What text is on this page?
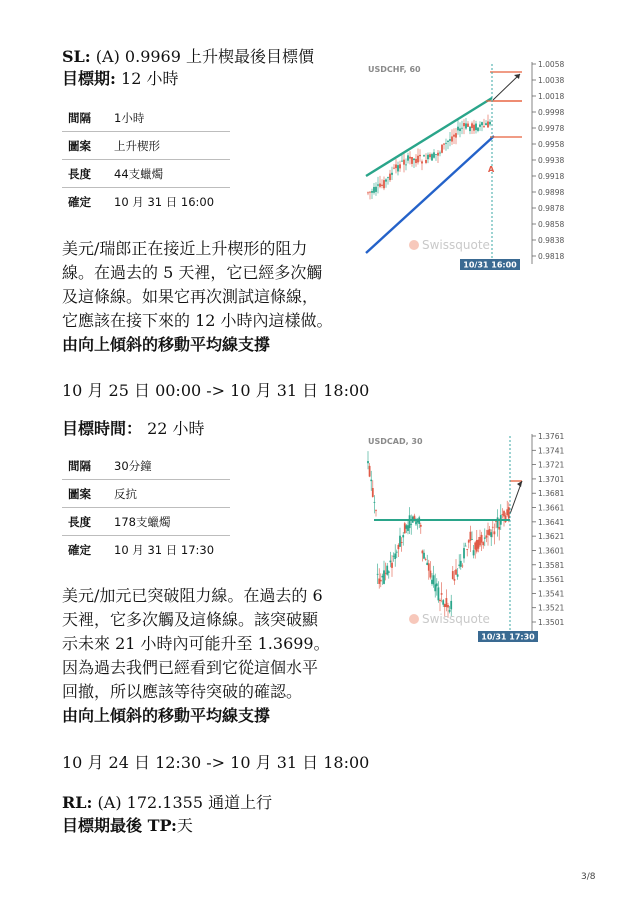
SL: (A) 0.9969 上升楔最後目標價
目標期: 12 小時
間隔	1小時
圖案	上升楔形
長度	44支蠟燭
確定	10 月 31 日 16:00
美元/瑞郎正在接近上升楔形的阻力
線。在過去的 5 天裡，它已經多次觸
及這條線。如果它再次測試這條線，
它應該在接下來的 12 小時內這樣做。
由向上傾斜的移動平均線支撐
10 月 25 日 00:00 -> 10 月 31 日 18:00
A
1.0058
1.0038
1.0018
0.9998
0.9978
0.9958
0.9938
0.9918
0.9898
0.9878
0.9858
0.9838
0.9818
USDCHF, 60
Swissquote
10/31 16:00
目標時間： 22 小時
間隔	30分鐘
圖案	反抗
長度	178支蠟燭
確定	10 月 31 日 17:30
美元/加元已突破阻力線。在過去的 6
天裡，它多次觸及這條線。該突破顯
示未來 21 小時內可能升至 1.3699。
因為過去我們已經看到它從這個水平
回撤，所以應該等待突破的確認。
由向上傾斜的移動平均線支撐
10 月 24 日 12:30 -> 10 月 31 日 18:00
1.3761
1.3741
1.3721
1.3701
1.3681
1.3661
1.3641
1.3621
1.3601
1.3581
1.3561
1.3541
1.3521
1.3501
USDCAD, 30
Swissquote
10/31 17:30
RL: (A) 172.1355 通道上行
目標期最後 TP:天
3/8
